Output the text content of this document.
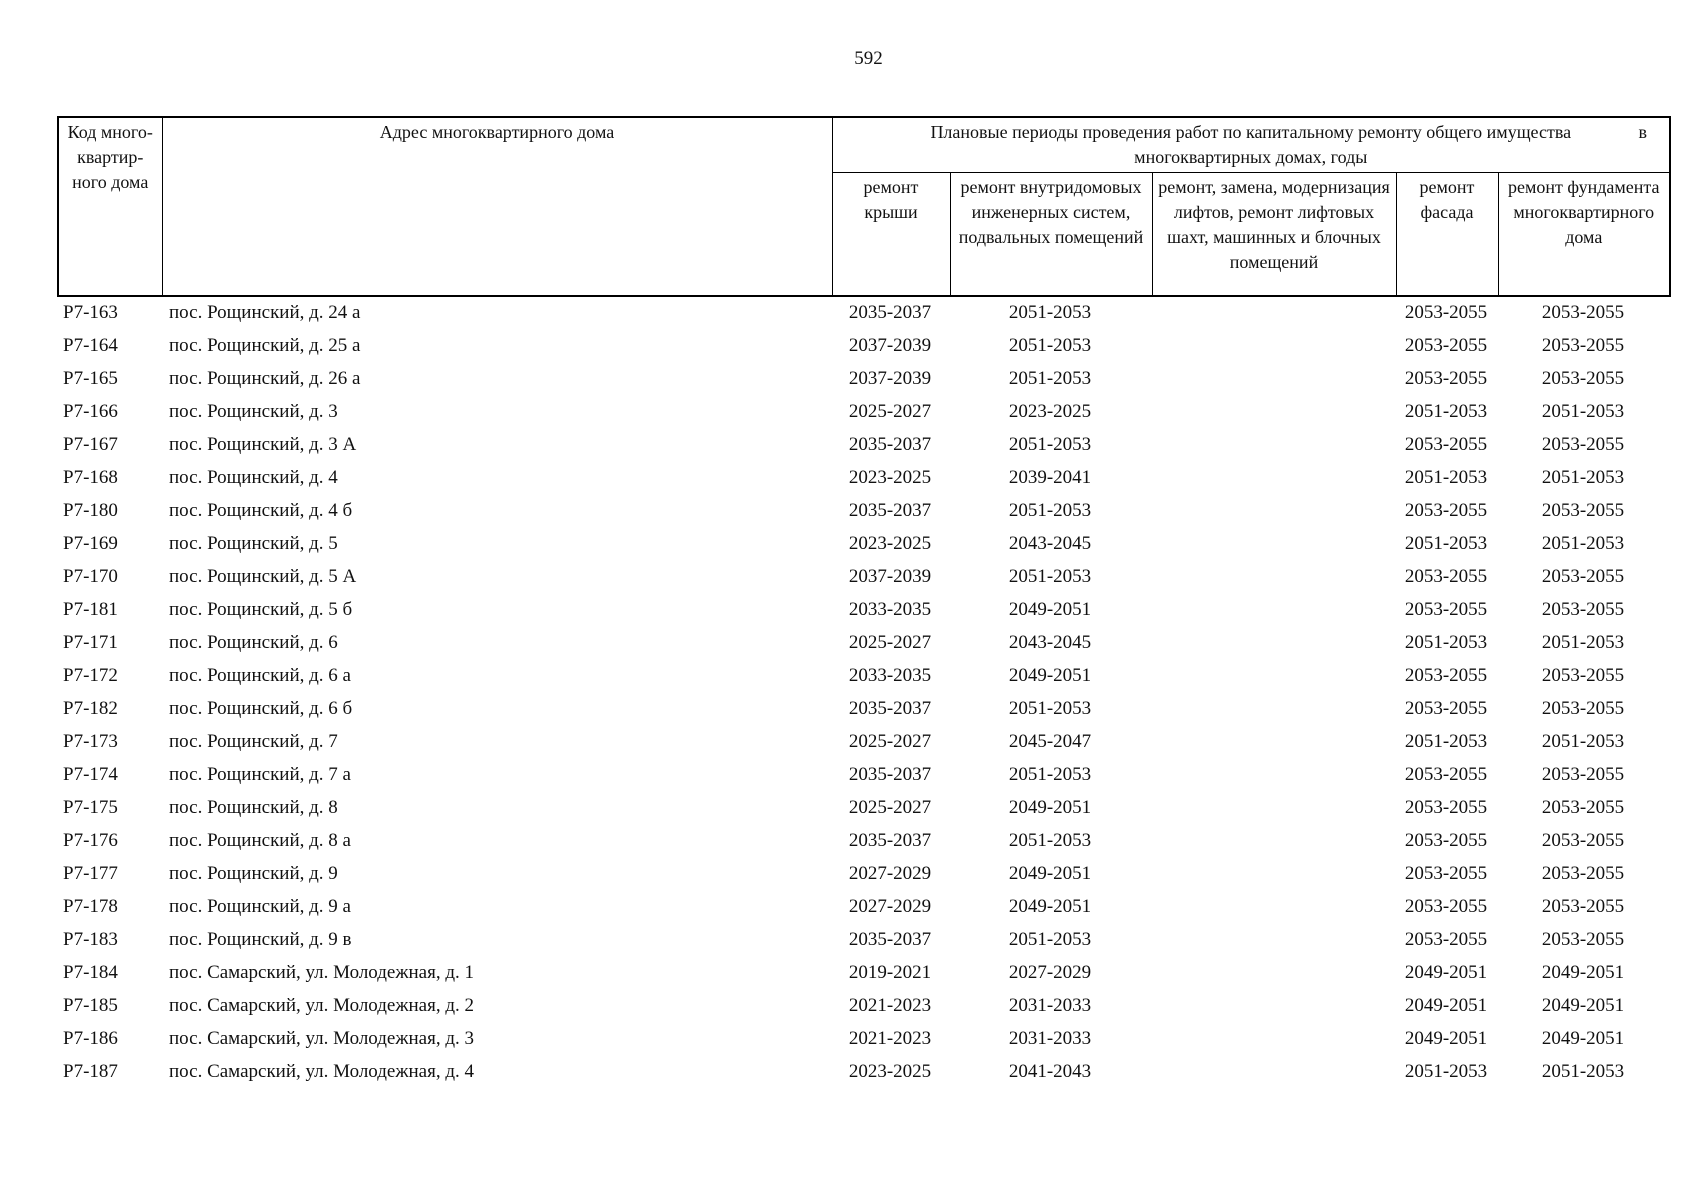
592
Код много-квартир-ного дома	Адрес многоквартирного дома	Плановые периоды проведения работ по капитальному ремонту общего имущества в

многоквартирных домах, годы				
		ремонт крыши	ремонт внутридомовых инженерных систем, подвальных помещений	ремонт, замена, модернизация лифтов, ремонт лифтовых шахт, машинных и блочных помещений	ремонт фасада	ремонт фундамента многоквартирного дома
Р7-163	пос. Рощинский, д. 24 а	2035-2037	2051-2053		2053-2055	2053-2055
Р7-164	пос. Рощинский, д. 25 а	2037-2039	2051-2053		2053-2055	2053-2055
Р7-165	пос. Рощинский, д. 26 а	2037-2039	2051-2053		2053-2055	2053-2055
Р7-166	пос. Рощинский, д. 3	2025-2027	2023-2025		2051-2053	2051-2053
Р7-167	пос. Рощинский, д. 3 А	2035-2037	2051-2053		2053-2055	2053-2055
Р7-168	пос. Рощинский, д. 4	2023-2025	2039-2041		2051-2053	2051-2053
Р7-180	пос. Рощинский, д. 4 б	2035-2037	2051-2053		2053-2055	2053-2055
Р7-169	пос. Рощинский, д. 5	2023-2025	2043-2045		2051-2053	2051-2053
Р7-170	пос. Рощинский, д. 5 А	2037-2039	2051-2053		2053-2055	2053-2055
Р7-181	пос. Рощинский, д. 5 б	2033-2035	2049-2051		2053-2055	2053-2055
Р7-171	пос. Рощинский, д. 6	2025-2027	2043-2045		2051-2053	2051-2053
Р7-172	пос. Рощинский, д. 6 а	2033-2035	2049-2051		2053-2055	2053-2055
Р7-182	пос. Рощинский, д. 6 б	2035-2037	2051-2053		2053-2055	2053-2055
Р7-173	пос. Рощинский, д. 7	2025-2027	2045-2047		2051-2053	2051-2053
Р7-174	пос. Рощинский, д. 7 а	2035-2037	2051-2053		2053-2055	2053-2055
Р7-175	пос. Рощинский, д. 8	2025-2027	2049-2051		2053-2055	2053-2055
Р7-176	пос. Рощинский, д. 8 а	2035-2037	2051-2053		2053-2055	2053-2055
Р7-177	пос. Рощинский, д. 9	2027-2029	2049-2051		2053-2055	2053-2055
Р7-178	пос. Рощинский, д. 9 а	2027-2029	2049-2051		2053-2055	2053-2055
Р7-183	пос. Рощинский, д. 9 в	2035-2037	2051-2053		2053-2055	2053-2055
Р7-184	пос. Самарский, ул. Молодежная, д. 1	2019-2021	2027-2029		2049-2051	2049-2051
Р7-185	пос. Самарский, ул. Молодежная, д. 2	2021-2023	2031-2033		2049-2051	2049-2051
Р7-186	пос. Самарский, ул. Молодежная, д. 3	2021-2023	2031-2033		2049-2051	2049-2051
Р7-187	пос. Самарский, ул. Молодежная, д. 4	2023-2025	2041-2043		2051-2053	2051-2053
